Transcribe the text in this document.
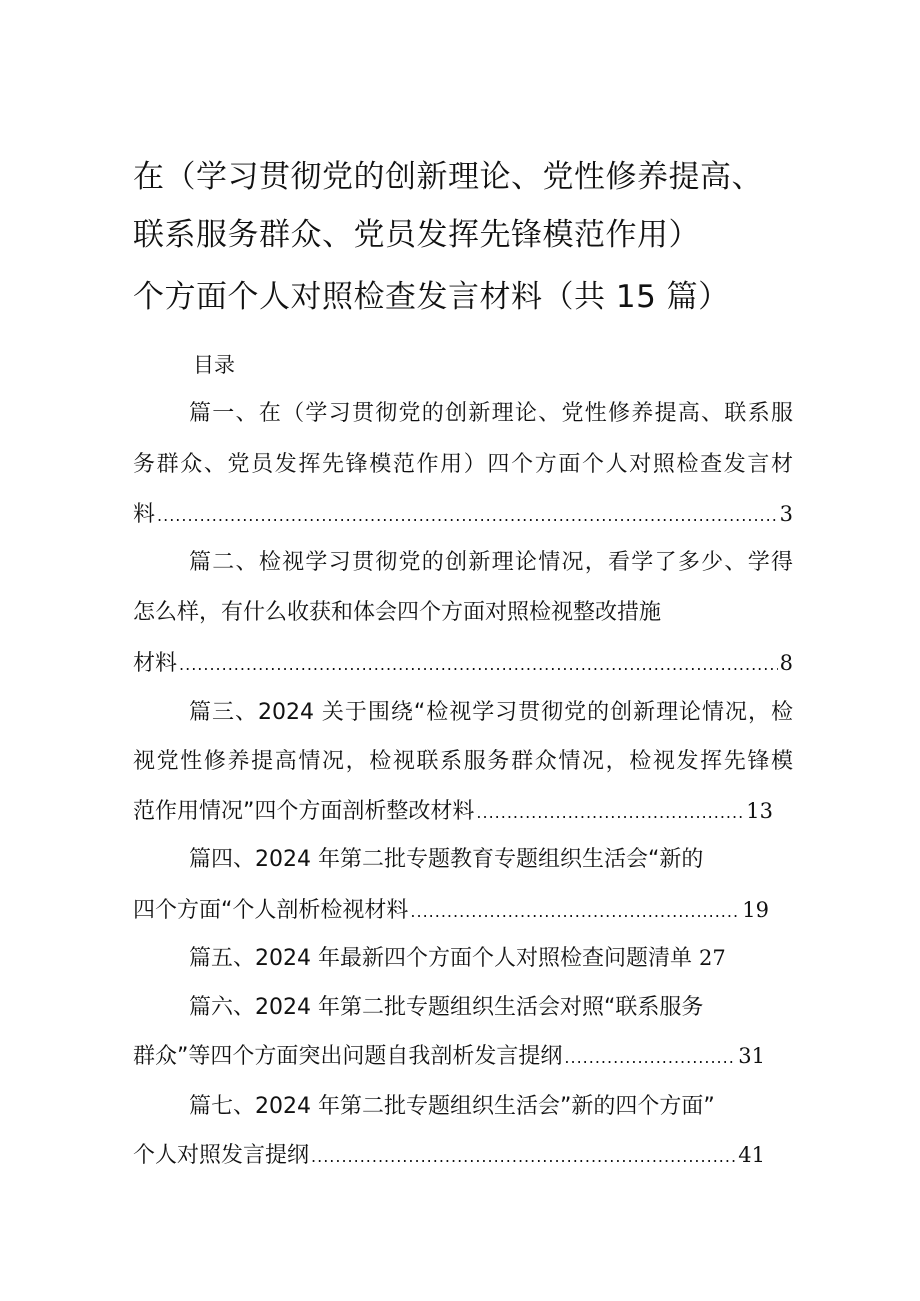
在（学习贯彻党的创新理论、党性修养提高、
联系服务群众、党员发挥先锋模范作用）
个方面个人对照检查发言材料（共 15 篇）
目录
篇一、在（学习贯彻党的创新理论、党性修养提高、联系服
务群众、党员发挥先锋模范作用）四个方面个人对照检查发言材
料 .....	3
篇二、检视学习贯彻党的创新理论情况，看学了多少、学得
怎么样，有什么收获和体会四个方面对照检视整改措施
材料 .....	8
篇三、2024 关于围绕“检视学习贯彻党的创新理论情况，检
视党性修养提高情况，检视联系服务群众情况，检视发挥先锋模
范作用情况”四个方面剖析整改材料 .....	13
篇四、2024 年第二批专题教育专题组织生活会“新的
四个方面“个人剖析检视材料 .....	19
篇五、2024 年最新四个方面个人对照检查问题清单 27
篇六、2024 年第二批专题组织生活会对照“联系服务
群众”等四个方面突出问题自我剖析发言提纲 .....	31
篇七、2024 年第二批专题组织生活会”新的四个方面”
个人对照发言提纲 .....	41
